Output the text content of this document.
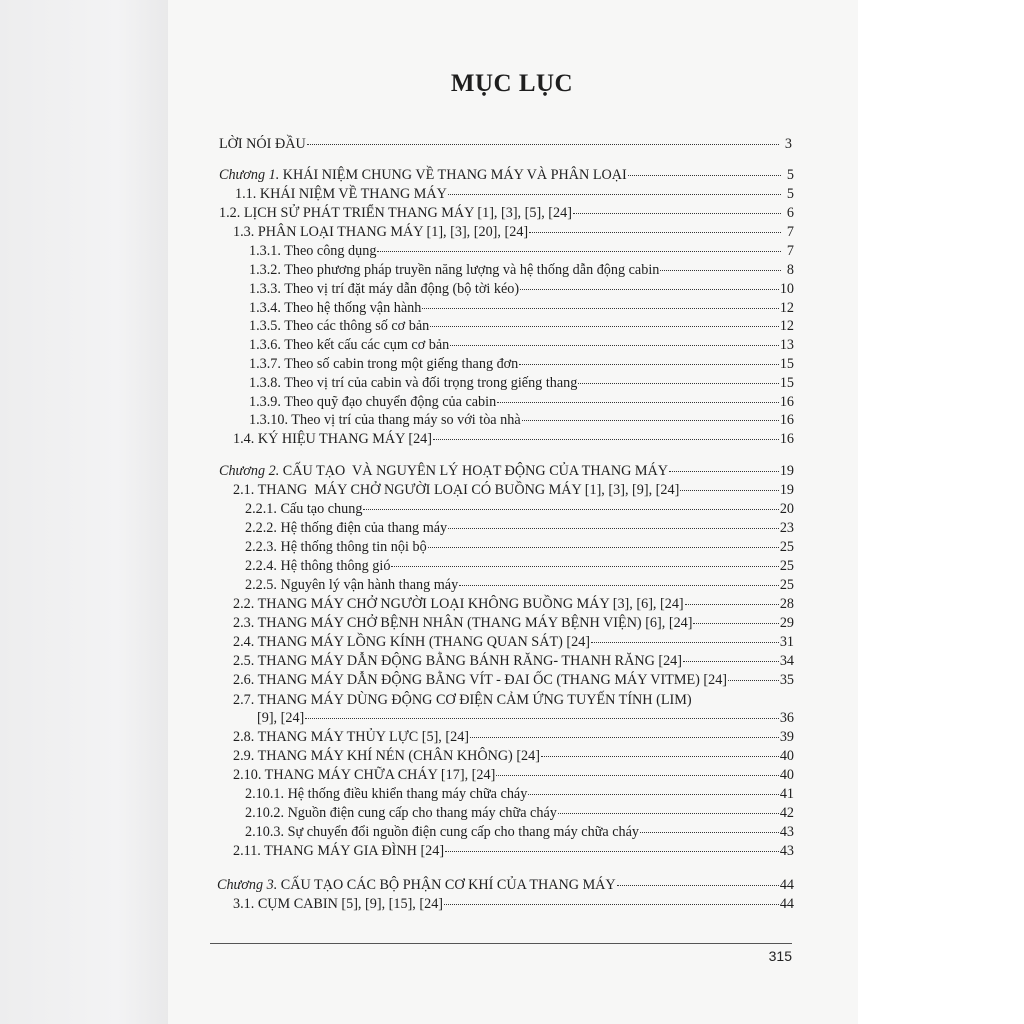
MỤC LỤC
LỜI NÓI ĐẦU	3
Chương 1. KHÁI NIỆM CHUNG VỀ THANG MÁY VÀ PHÂN LOẠI	5
1.1. KHÁI NIỆM VỀ THANG MÁY	5
1.2. LỊCH SỬ PHÁT TRIỂN THANG MÁY [1], [3], [5], [24]	6
1.3. PHÂN LOẠI THANG MÁY [1], [3], [20], [24]	7
1.3.1. Theo công dụng	7
1.3.2. Theo phương pháp truyền năng lượng và hệ thống dẫn động cabin	8
1.3.3. Theo vị trí đặt máy dẫn động (bộ tời kéo)	10
1.3.4. Theo hệ thống vận hành	12
1.3.5. Theo các thông số cơ bản	12
1.3.6. Theo kết cấu các cụm cơ bản	13
1.3.7. Theo số cabin trong một giếng thang đơn	15
1.3.8. Theo vị trí của cabin và đối trọng trong giếng thang	15
1.3.9. Theo quỹ đạo chuyển động của cabin	16
1.3.10. Theo vị trí của thang máy so với tòa nhà	16
1.4. KÝ HIỆU THANG MÁY [24]	16
Chương 2. CẤU TẠO  VÀ NGUYÊN LÝ HOẠT ĐỘNG CỦA THANG MÁY	19
2.1. THANG  MÁY CHỞ NGƯỜI LOẠI CÓ BUỒNG MÁY [1], [3], [9], [24]	19
2.2.1. Cấu tạo chung	20
2.2.2. Hệ thống điện của thang máy	23
2.2.3. Hệ thống thông tin nội bộ	25
2.2.4. Hệ thông thông gió	25
2.2.5. Nguyên lý vận hành thang máy	25
2.2. THANG MÁY CHỞ NGƯỜI LOẠI KHÔNG BUỒNG MÁY [3], [6], [24]	28
2.3. THANG MÁY CHỞ BỆNH NHÂN (THANG MÁY BỆNH VIỆN) [6], [24]	29
2.4. THANG MÁY LỒNG KÍNH (THANG QUAN SÁT) [24]	31
2.5. THANG MÁY DẪN ĐỘNG BẰNG BÁNH RĂNG- THANH RĂNG [24]	34
2.6. THANG MÁY DẪN ĐỘNG BẰNG VÍT - ĐAI ỐC (THANG MÁY VITME) [24]	35
2.7. THANG MÁY DÙNG ĐỘNG CƠ ĐIỆN CẢM ỨNG TUYẾN TÍNH (LIM)
[9], [24]	36
2.8. THANG MÁY THỦY LỰC [5], [24]	39
2.9. THANG MÁY KHÍ NÉN (CHÂN KHÔNG) [24]	40
2.10. THANG MÁY CHỮA CHÁY [17], [24]	40
2.10.1. Hệ thống điều khiển thang máy chữa cháy	41
2.10.2. Nguồn điện cung cấp cho thang máy chữa cháy	42
2.10.3. Sự chuyển đổi nguồn điện cung cấp cho thang máy chữa cháy	43
2.11. THANG MÁY GIA ĐÌNH [24]	43
Chương 3. CẤU TẠO CÁC BỘ PHẬN CƠ KHÍ CỦA THANG MÁY	44
3.1. CỤM CABIN [5], [9], [15], [24]	44
315
